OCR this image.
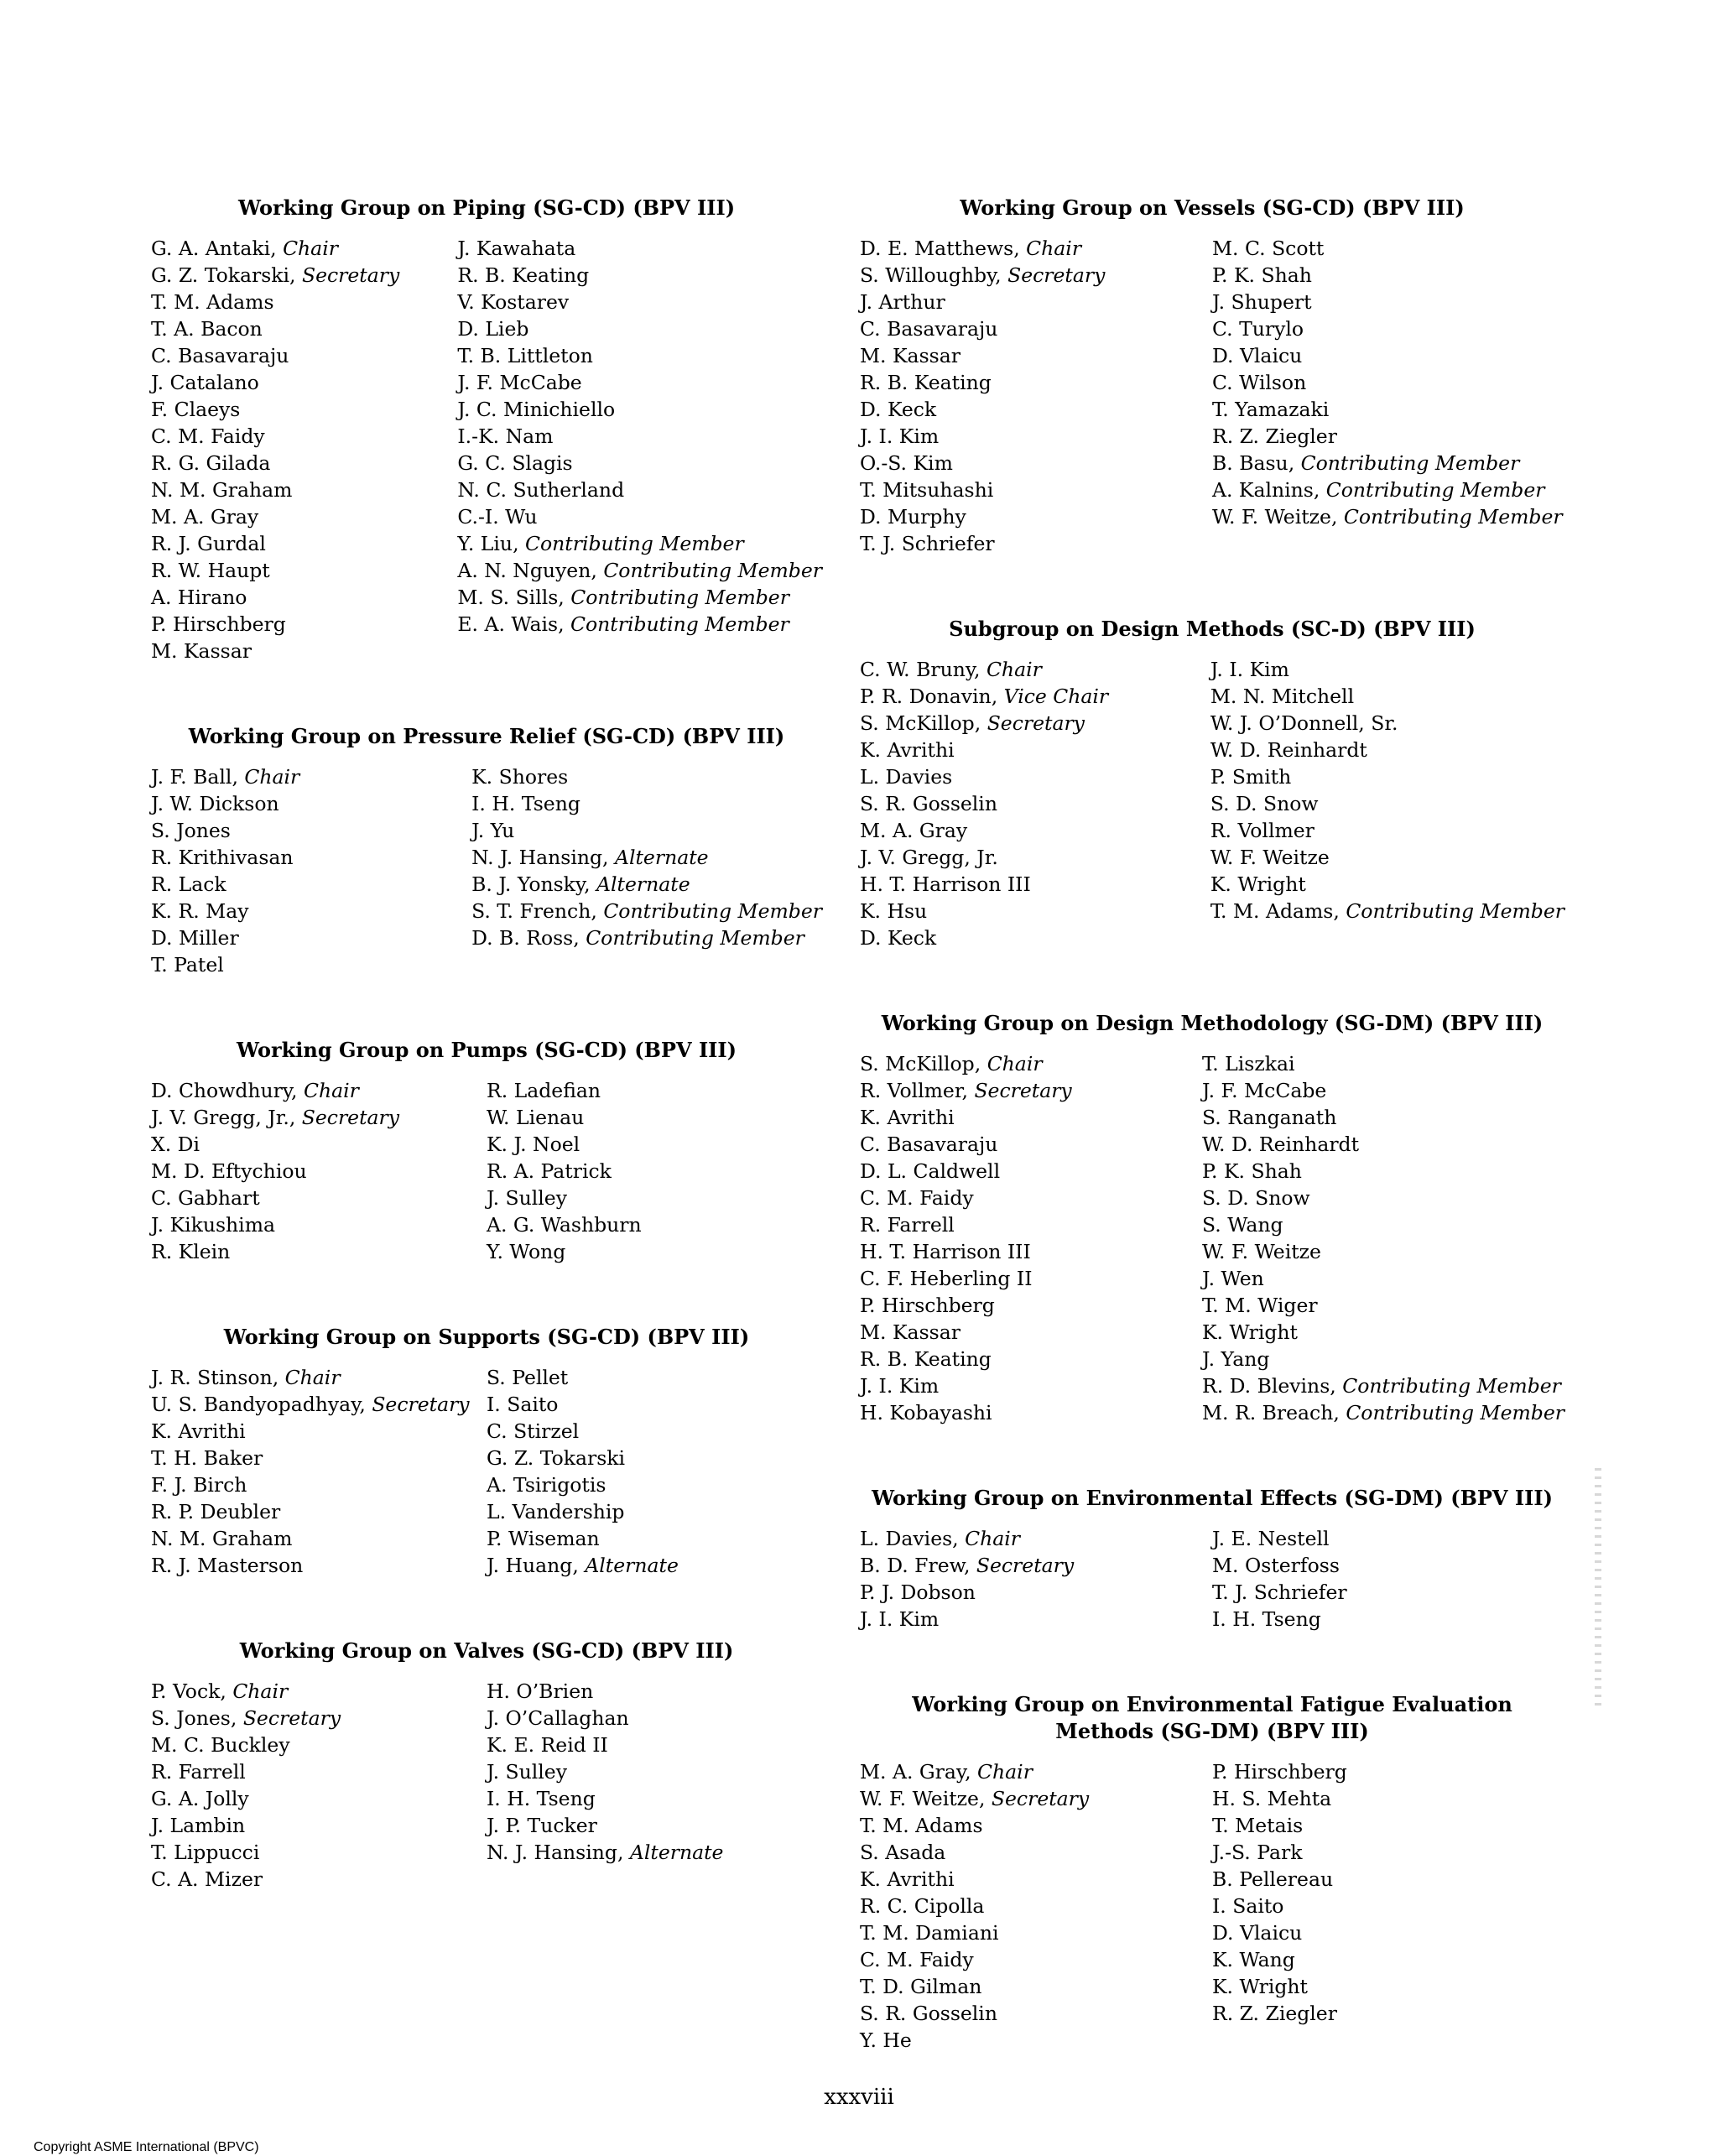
Working Group on Piping (SG-CD) (BPV III)
G. A. Antaki, Chair
G. Z. Tokarski, Secretary
T. M. Adams
T. A. Bacon
C. Basavaraju
J. Catalano
F. Claeys
C. M. Faidy
R. G. Gilada
N. M. Graham
M. A. Gray
R. J. Gurdal
R. W. Haupt
A. Hirano
P. Hirschberg
M. Kassar
J. Kawahata
R. B. Keating
V. Kostarev
D. Lieb
T. B. Littleton
J. F. McCabe
J. C. Minichiello
I.-K. Nam
G. C. Slagis
N. C. Sutherland
C.-I. Wu
Y. Liu, Contributing Member
A. N. Nguyen, Contributing Member
M. S. Sills, Contributing Member
E. A. Wais, Contributing Member
Working Group on Pressure Relief (SG-CD) (BPV III)
J. F. Ball, Chair
J. W. Dickson
S. Jones
R. Krithivasan
R. Lack
K. R. May
D. Miller
T. Patel
K. Shores
I. H. Tseng
J. Yu
N. J. Hansing, Alternate
B. J. Yonsky, Alternate
S. T. French, Contributing Member
D. B. Ross, Contributing Member
Working Group on Pumps (SG-CD) (BPV III)
D. Chowdhury, Chair
J. V. Gregg, Jr., Secretary
X. Di
M. D. Eftychiou
C. Gabhart
J. Kikushima
R. Klein
R. Ladefian
W. Lienau
K. J. Noel
R. A. Patrick
J. Sulley
A. G. Washburn
Y. Wong
Working Group on Supports (SG-CD) (BPV III)
J. R. Stinson, Chair
U. S. Bandyopadhyay, Secretary
K. Avrithi
T. H. Baker
F. J. Birch
R. P. Deubler
N. M. Graham
R. J. Masterson
S. Pellet
I. Saito
C. Stirzel
G. Z. Tokarski
A. Tsirigotis
L. Vandership
P. Wiseman
J. Huang, Alternate
Working Group on Valves (SG-CD) (BPV III)
P. Vock, Chair
S. Jones, Secretary
M. C. Buckley
R. Farrell
G. A. Jolly
J. Lambin
T. Lippucci
C. A. Mizer
H. O’Brien
J. O’Callaghan
K. E. Reid II
J. Sulley
I. H. Tseng
J. P. Tucker
N. J. Hansing, Alternate
Working Group on Vessels (SG-CD) (BPV III)
D. E. Matthews, Chair
S. Willoughby, Secretary
J. Arthur
C. Basavaraju
M. Kassar
R. B. Keating
D. Keck
J. I. Kim
O.-S. Kim
T. Mitsuhashi
D. Murphy
T. J. Schriefer
M. C. Scott
P. K. Shah
J. Shupert
C. Turylo
D. Vlaicu
C. Wilson
T. Yamazaki
R. Z. Ziegler
B. Basu, Contributing Member
A. Kalnins, Contributing Member
W. F. Weitze, Contributing Member
Subgroup on Design Methods (SC-D) (BPV III)
C. W. Bruny, Chair
P. R. Donavin, Vice Chair
S. McKillop, Secretary
K. Avrithi
L. Davies
S. R. Gosselin
M. A. Gray
J. V. Gregg, Jr.
H. T. Harrison III
K. Hsu
D. Keck
J. I. Kim
M. N. Mitchell
W. J. O’Donnell, Sr.
W. D. Reinhardt
P. Smith
S. D. Snow
R. Vollmer
W. F. Weitze
K. Wright
T. M. Adams, Contributing Member
Working Group on Design Methodology (SG-DM) (BPV III)
S. McKillop, Chair
R. Vollmer, Secretary
K. Avrithi
C. Basavaraju
D. L. Caldwell
C. M. Faidy
R. Farrell
H. T. Harrison III
C. F. Heberling II
P. Hirschberg
M. Kassar
R. B. Keating
J. I. Kim
H. Kobayashi
T. Liszkai
J. F. McCabe
S. Ranganath
W. D. Reinhardt
P. K. Shah
S. D. Snow
S. Wang
W. F. Weitze
J. Wen
T. M. Wiger
K. Wright
J. Yang
R. D. Blevins, Contributing Member
M. R. Breach, Contributing Member
Working Group on Environmental Effects (SG-DM) (BPV III)
L. Davies, Chair
B. D. Frew, Secretary
P. J. Dobson
J. I. Kim
J. E. Nestell
M. Osterfoss
T. J. Schriefer
I. H. Tseng
Working Group on Environmental Fatigue Evaluation Methods (SG-DM) (BPV III)
M. A. Gray, Chair
W. F. Weitze, Secretary
T. M. Adams
S. Asada
K. Avrithi
R. C. Cipolla
T. M. Damiani
C. M. Faidy
T. D. Gilman
S. R. Gosselin
Y. He
P. Hirschberg
H. S. Mehta
T. Metais
J.-S. Park
B. Pellereau
I. Saito
D. Vlaicu
K. Wang
K. Wright
R. Z. Ziegler
xxxviii
Copyright ASME International (BPVC)
